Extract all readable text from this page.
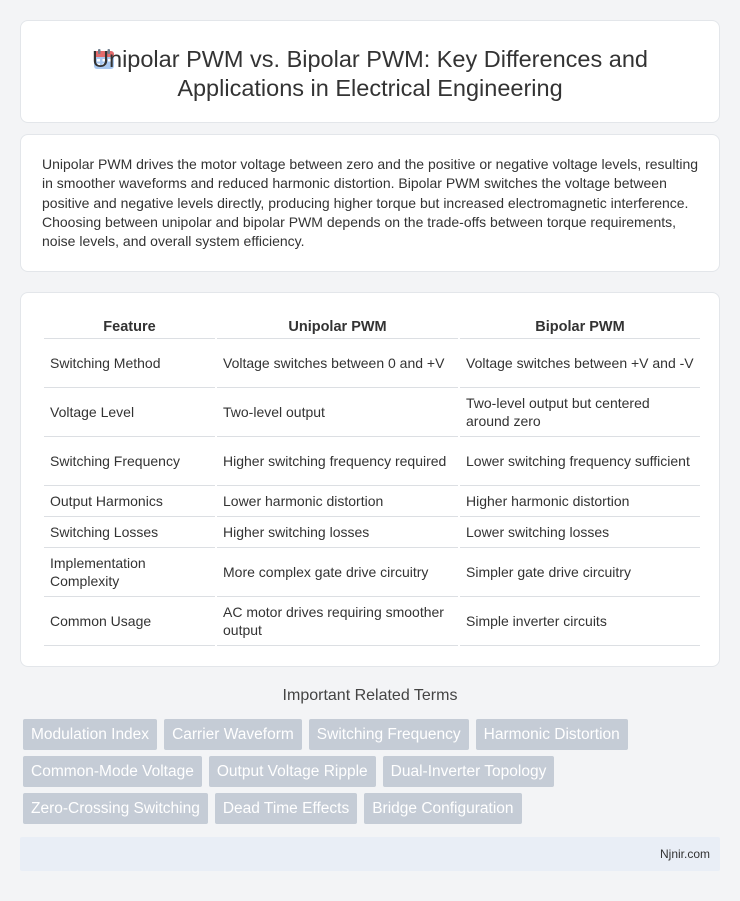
Unipolar PWM vs. Bipolar PWM: Key Differences and
Applications in Electrical Engineering

Unipolar PWM drives the motor voltage between zero and the positive or negative voltage levels, resulting in smoother waveforms and reduced harmonic distortion. Bipolar PWM switches the voltage between positive and negative levels directly, producing higher torque but increased electromagnetic interference. Choosing between unipolar and bipolar PWM depends on the trade-offs between torque requirements, noise levels, and overall system efficiency.

Feature	Unipolar PWM	Bipolar PWM
Switching Method	Voltage switches between 0 and +V	Voltage switches between +V and -V
Voltage Level	Two-level output	Two-level output but centered around zero
Switching Frequency	Higher switching frequency required	Lower switching frequency sufficient
Output Harmonics	Lower harmonic distortion	Higher harmonic distortion
Switching Losses	Higher switching losses	Lower switching losses
Implementation Complexity	More complex gate drive circuitry	Simpler gate drive circuitry
Common Usage	AC motor drives requiring smoother output	Simple inverter circuits
Important Related Terms
Modulation Index	Carrier Waveform	Switching Frequency	Harmonic Distortion
Common-Mode Voltage	Output Voltage Ripple	Dual-Inverter Topology
Zero-Crossing Switching	Dead Time Effects	Bridge Configuration
Njnir.com
